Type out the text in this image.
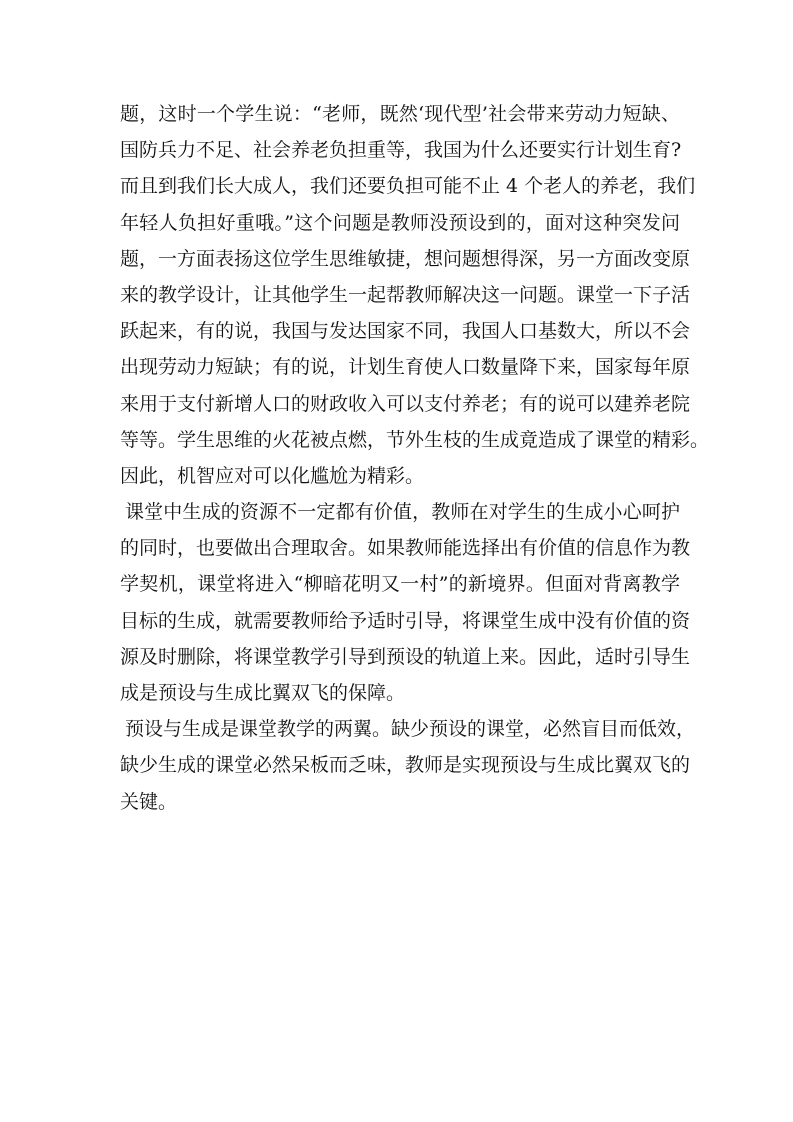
题，这时一个学生说：“老师，既然‘现代型’社会带来劳动力短缺、
国防兵力不足、社会养老负担重等，我国为什么还要实行计划生育?
而且到我们长大成人，我们还要负担可能不止 4 个老人的养老，我们
年轻人负担好重哦。”这个问题是教师没预设到的，面对这种突发问
题，一方面表扬这位学生思维敏捷，想问题想得深，另一方面改变原
来的教学设计，让其他学生一起帮教师解决这一问题。课堂一下子活
跃起来，有的说，我国与发达国家不同，我国人口基数大，所以不会
出现劳动力短缺；有的说，计划生育使人口数量降下来，国家每年原
来用于支付新增人口的财政收入可以支付养老；有的说可以建养老院
等等。学生思维的火花被点燃，节外生枝的生成竟造成了课堂的精彩。
因此，机智应对可以化尴尬为精彩。
课堂中生成的资源不一定都有价值，教师在对学生的生成小心呵护
的同时，也要做出合理取舍。如果教师能选择出有价值的信息作为教
学契机，课堂将进入“柳暗花明又一村”的新境界。但面对背离教学
目标的生成，就需要教师给予适时引导，将课堂生成中没有价值的资
源及时删除，将课堂教学引导到预设的轨道上来。因此，适时引导生
成是预设与生成比翼双飞的保障。
预设与生成是课堂教学的两翼。缺少预设的课堂，必然盲目而低效，
缺少生成的课堂必然呆板而乏味，教师是实现预设与生成比翼双飞的
关键。
